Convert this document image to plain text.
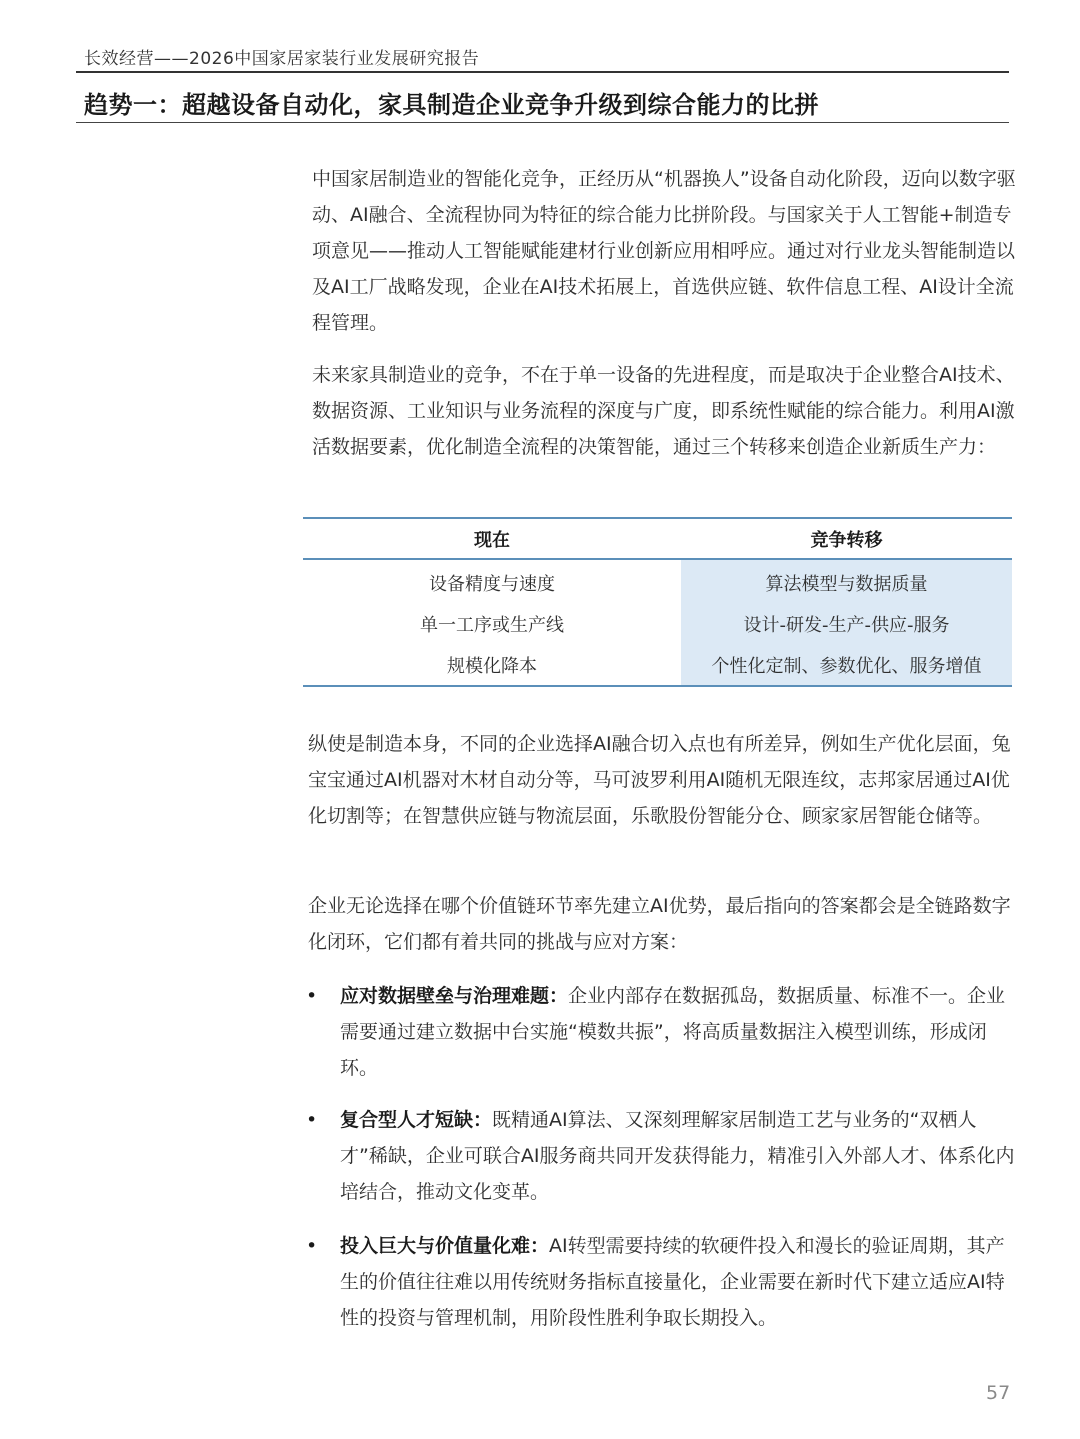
长效经营——2026中国家居家装行业发展研究报告
趋势一：超越设备自动化，家具制造企业竞争升级到综合能力的比拼

中国家居制造业的智能化竞争，正经历从“机器换人”设备自动化阶段，迈向以数字驱动、AI融合、全流程协同为特征的综合能力比拼阶段。与国家关于人工智能+制造专项意见——推动人工智能赋能建材行业创新应用相呼应。通过对行业龙头智能制造以及AI工厂战略发现，企业在AI技术拓展上，首选供应链、软件信息工程、AI设计全流程管理。

未来家具制造业的竞争，不在于单一设备的先进程度，而是取决于企业整合AI技术、数据资源、工业知识与业务流程的深度与广度，即系统性赋能的综合能力。利用AI激活数据要素，优化制造全流程的决策智能，通过三个转移来创造企业新质生产力：

现在	竞争转移
设备精度与速度	算法模型与数据质量
单一工序或生产线	设计-研发-生产-供应-服务
规模化降本	个性化定制、参数优化、服务增值

纵使是制造本身，不同的企业选择AI融合切入点也有所差异，例如生产优化层面，兔宝宝通过AI机器对木材自动分等，马可波罗利用AI随机无限连纹，志邦家居通过AI优化切割等；在智慧供应链与物流层面，乐歌股份智能分仓、顾家家居智能仓储等。

企业无论选择在哪个价值链环节率先建立AI优势，最后指向的答案都会是全链路数字化闭环，它们都有着共同的挑战与应对方案：

• 应对数据壁垒与治理难题：企业内部存在数据孤岛，数据质量、标准不一。企业需要通过建立数据中台实施“模数共振”，将高质量数据注入模型训练，形成闭环。
• 复合型人才短缺：既精通AI算法、又深刻理解家居制造工艺与业务的“双栖人才”稀缺，企业可联合AI服务商共同开发获得能力，精准引入外部人才、体系化内培结合，推动文化变革。
• 投入巨大与价值量化难：AI转型需要持续的软硬件投入和漫长的验证周期，其产生的价值往往难以用传统财务指标直接量化，企业需要在新时代下建立适应AI特性的投资与管理机制，用阶段性胜利争取长期投入。
57
